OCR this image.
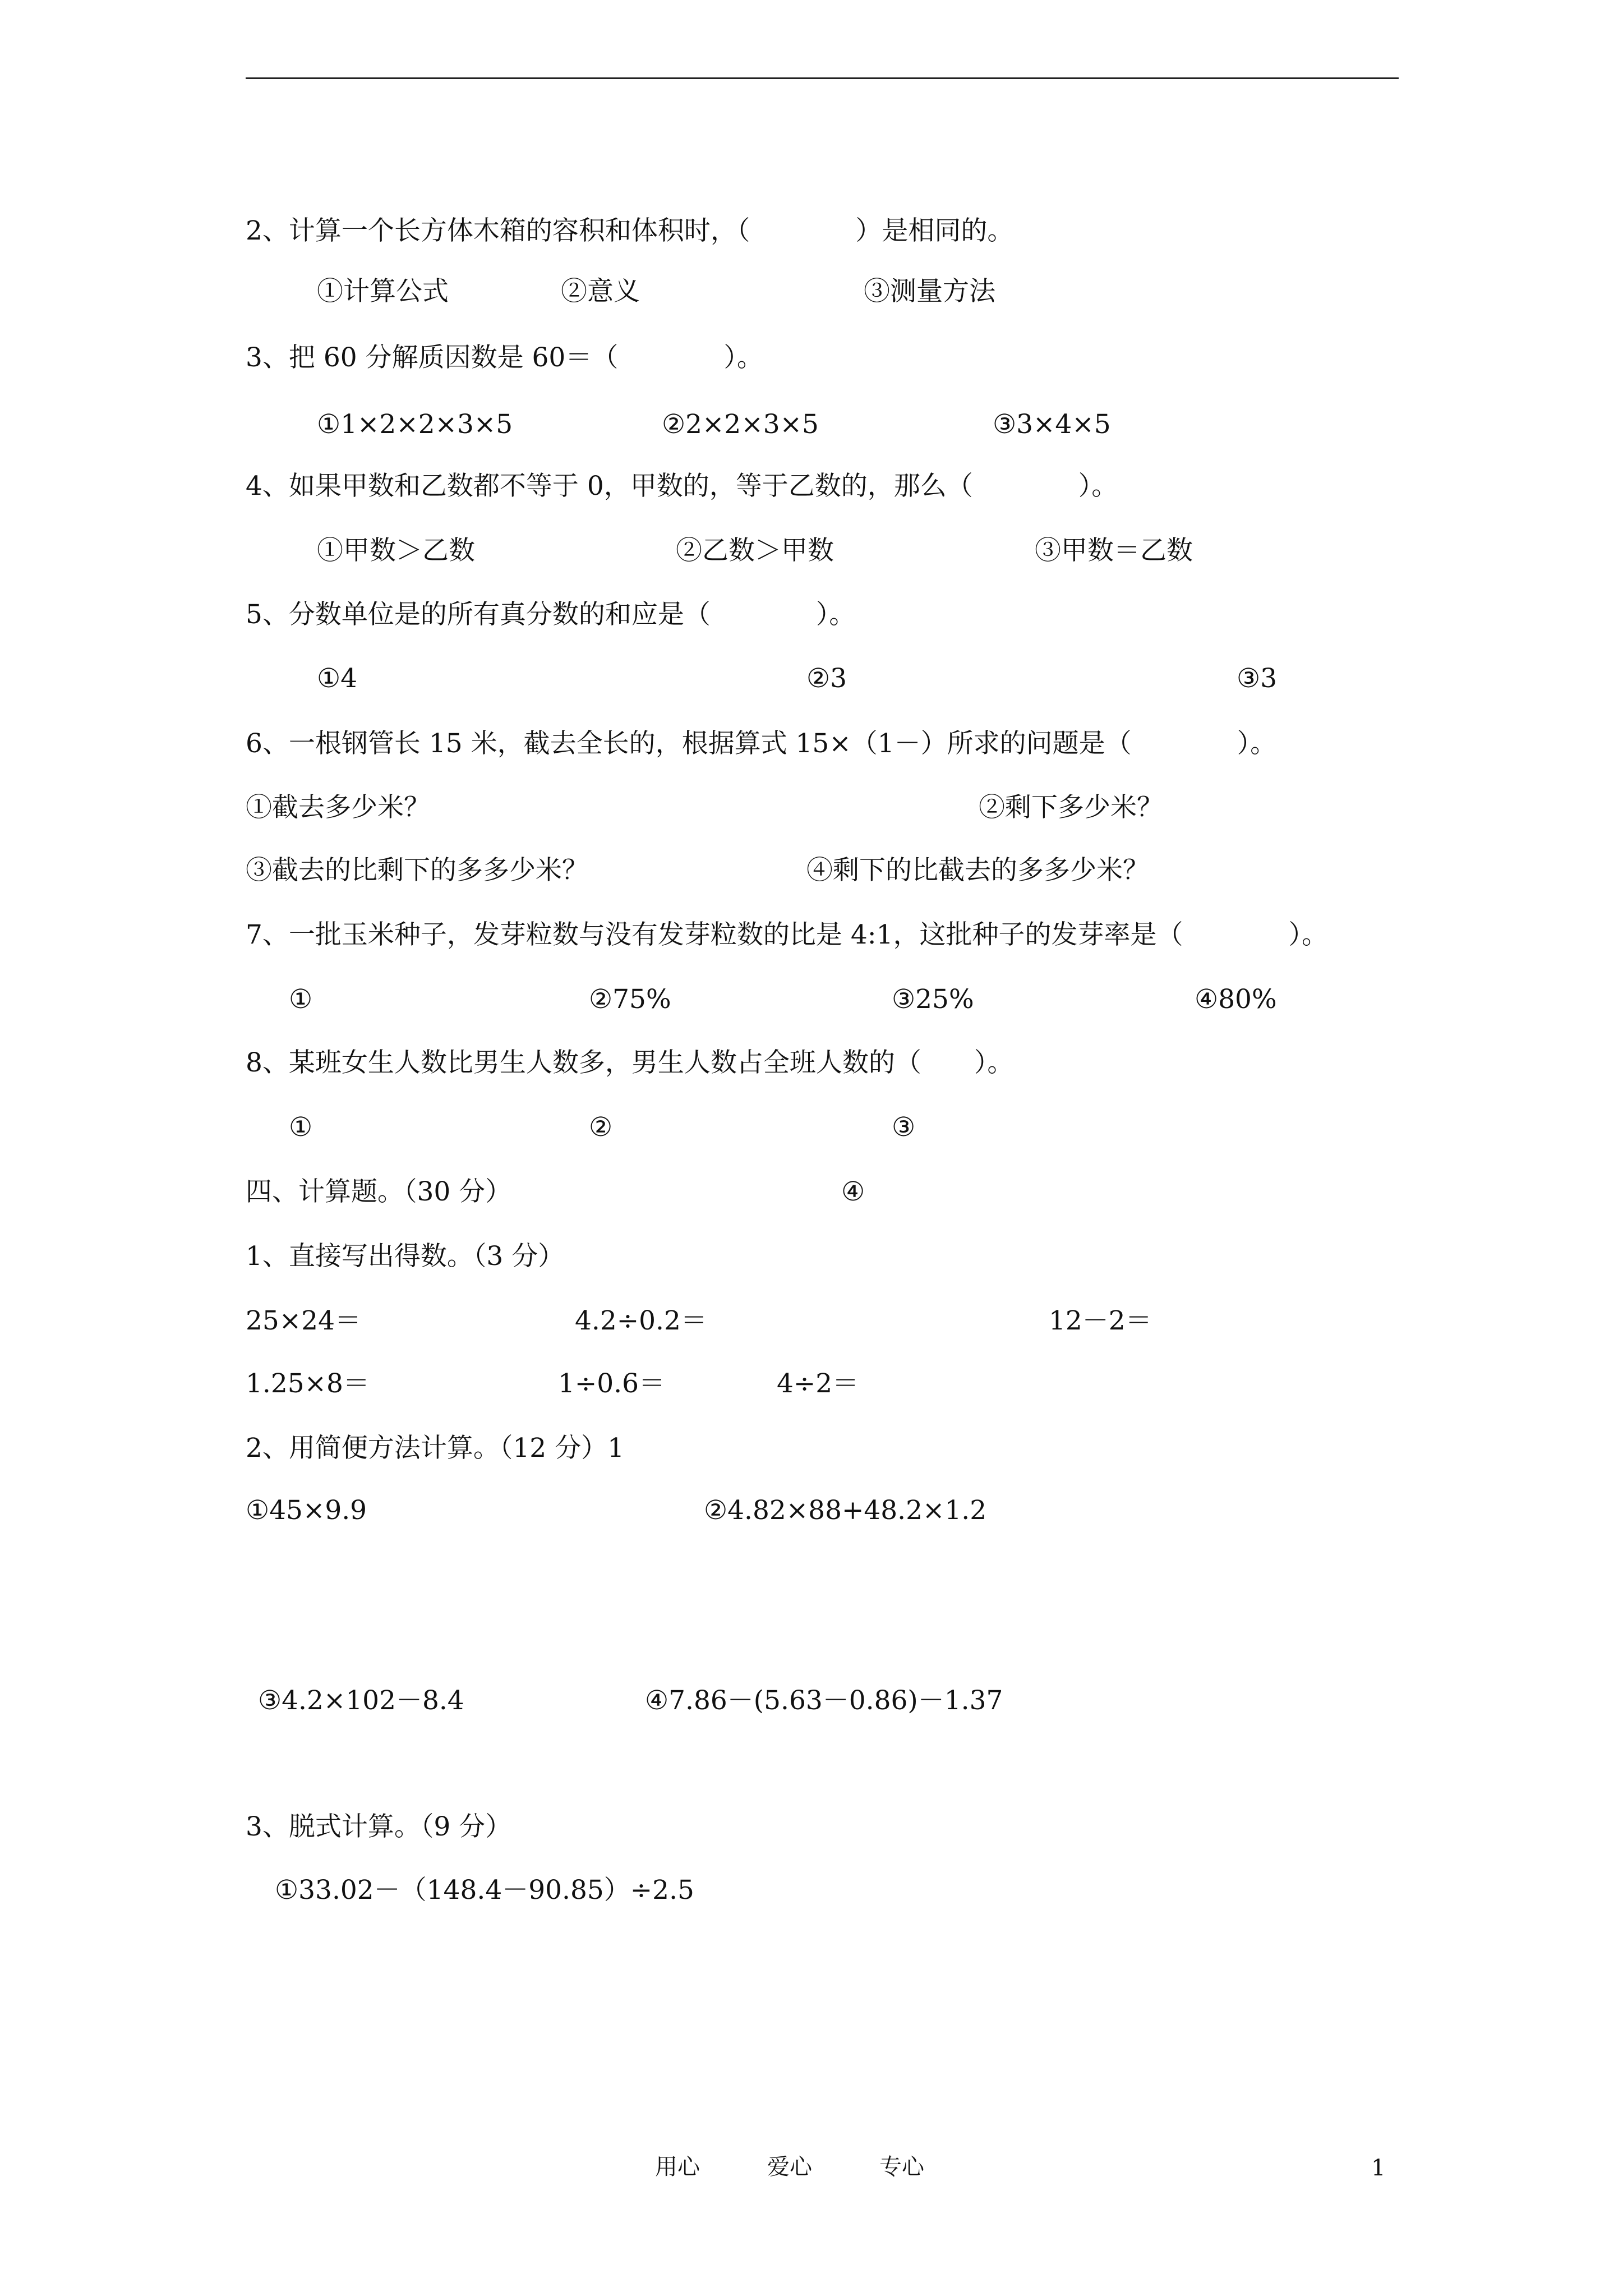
2、计算一个长方体木箱的容积和体积时，（　　　　）是相同的。
①计算公式	②意义	③测量方法
3、把 60 分解质因数是 60＝（　　　　）。
①1×2×2×3×5	②2×2×3×5	③3×4×5
4、如果甲数和乙数都不等于 0，甲数的，等于乙数的，那么（　　　　）。
①甲数＞乙数	②乙数＞甲数	③甲数＝乙数
5、分数单位是的所有真分数的和应是（　　　　）。
①4	②3	③3
6、一根钢管长 15 米，截去全长的，根据算式 15×（1－）所求的问题是（　　　　）。
①截去多少米？	②剩下多少米？
③截去的比剩下的多多少米？	④剩下的比截去的多多少米？
7、一批玉米种子，发芽粒数与没有发芽粒数的比是 4:1，这批种子的发芽率是（　　　　）。
①	②75%	③25%	④80%
8、某班女生人数比男生人数多，男生人数占全班人数的（　　）。
①	②	③
④
四、计算题。（30 分）
1、直接写出得数。（3 分）
25×24＝	4.2÷0.2＝	12－2＝
1.25×8＝	1÷0.6＝	4÷2＝
2、用简便方法计算。（12 分）1
①45×9.9	②4.82×88+48.2×1.2
③4.2×102－8.4	④7.86－(5.63－0.86)－1.37
3、脱式计算。（9 分）
①33.02－（148.4－90.85）÷2.5
用心	爱心	专心	1
